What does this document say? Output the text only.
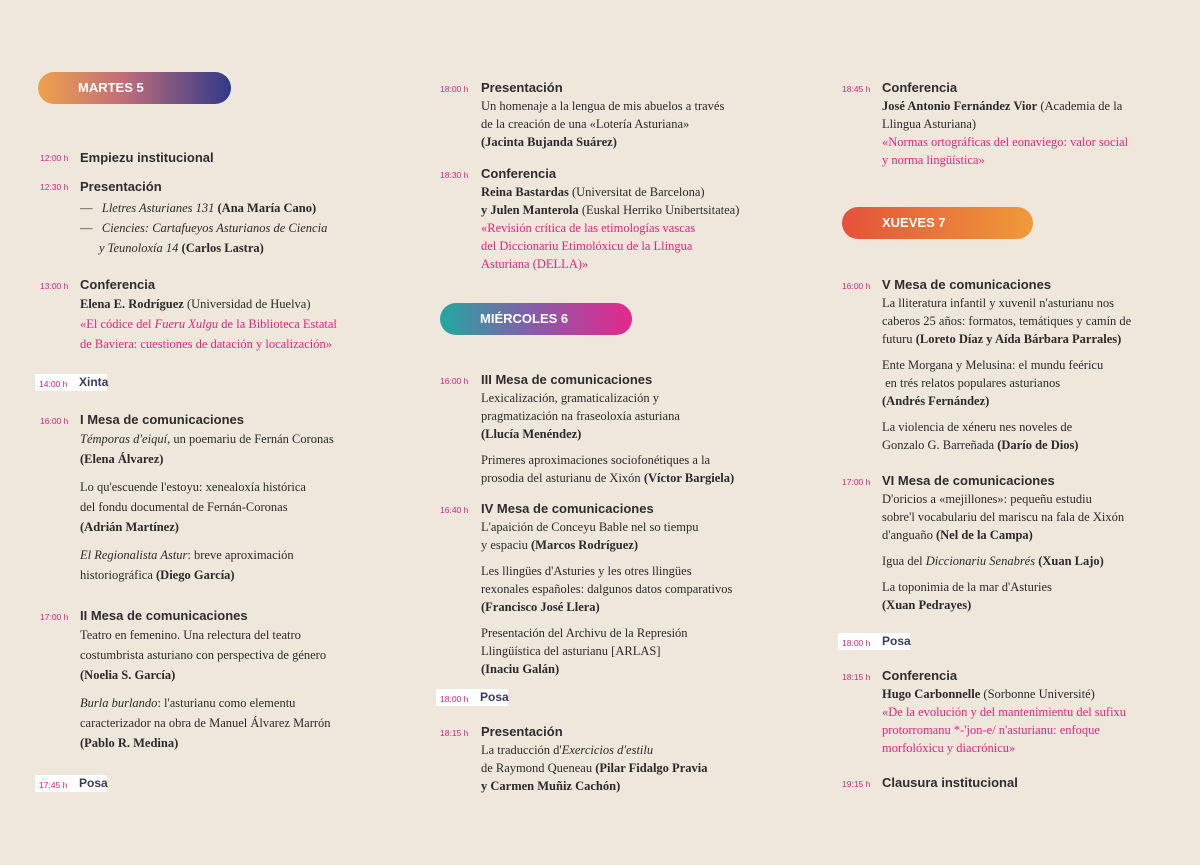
MARTES 5
12:00 h Empiezu institucional
12:30 h Presentación
— Lletres Asturianes 131 (Ana María Cano)
— Ciencies: Cartafueyos Asturianos de Ciencia
y Teunoloxía 14 (Carlos Lastra)
13:00 h Conferencia
Elena E. Rodríguez (Universidad de Huelva)
«El códice del Fueru Xulgu de la Biblioteca Estatal
de Baviera: cuestiones de datación y localización»
14:00 h Xinta
16:00 h I Mesa de comunicaciones
Témporas d'eiquí, un poemariu de Fernán Coronas
(Elena Álvarez)
Lo qu'escuende l'estoyu: xenealoxía histórica
del fondu documental de Fernán-Coronas
(Adrián Martínez)
El Regionalista Astur: breve aproximación
historiográfica (Diego García)
17:00 h II Mesa de comunicaciones
Teatro en femenino. Una relectura del teatro
costumbrista asturiano con perspectiva de género
(Noelia S. García)
Burla burlando: l'asturianu como elementu
caracterizador na obra de Manuel Álvarez Marrón
(Pablo R. Medina)
17:45 h Posa
18:00 h Presentación
Un homenaje a la lengua de mis abuelos a través
de la creación de una «Lotería Asturiana»
(Jacinta Bujanda Suárez)
18:30 h Conferencia
Reina Bastardas (Universitat de Barcelona)
y Julen Manterola (Euskal Herriko Unibertsitatea)
«Revisión crítica de las etimologías vascas
del Diccionariu Etimolóxicu de la Llingua
Asturiana (DELLA)»
MIÉRCOLES 6
16:00 h III Mesa de comunicaciones
Lexicalización, gramaticalización y
pragmatización na fraseoloxía asturiana
(Llucía Menéndez)
Primeres aproximaciones sociofonétiques a la
prosodia del asturianu de Xixón (Víctor Bargiela)
16:40 h IV Mesa de comunicaciones
L'apaición de Conceyu Bable nel so tiempu
y espaciu (Marcos Rodríguez)
Les llingües d'Asturies y les otres llingües
rexonales españoles: dalgunos datos comparativos
(Francisco José Llera)
Presentación del Archivu de la Represión
Llingüística del asturianu [ARLAS]
(Inaciu Galán)
18:00 h Posa
18:15 h Presentación
La traducción d'Exercicios d'estilu
de Raymond Queneau (Pilar Fidalgo Pravia
y Carmen Muñiz Cachón)
18:45 h Conferencia
José Antonio Fernández Vior (Academia de la
Llingua Asturiana)
«Normas ortográficas del eonaviego: valor social
y norma lingüística»
XUEVES 7
16:00 h V Mesa de comunicaciones
La lliteratura infantil y xuvenil n'asturianu nos
caberos 25 años: formatos, temátiques y camín de
futuru (Loreto Díaz y Aída Bárbara Parrales)
Ente Morgana y Melusina: el mundu feéricu
en trés relatos populares asturianos
(Andrés Fernández)
La violencia de xéneru nes noveles de
Gonzalo G. Barreñada (Darío de Dios)
17:00 h VI Mesa de comunicaciones
D'oricios a «mejillones»: pequeñu estudiu
sobre'l vocabulariu del mariscu na fala de Xixón
d'anguaño (Nel de la Campa)
Igua del Diccionariu Senabrés (Xuan Lajo)
La toponimia de la mar d'Asturies
(Xuan Pedrayes)
18:00 h Posa
18:15 h Conferencia
Hugo Carbonnelle (Sorbonne Université)
«De la evolución y del mantenimientu del sufixu
protorromanu *-'jon-e/ n'asturianu: enfoque
morfolóxicu y diacrónicu»
19:15 h Clausura institucional
